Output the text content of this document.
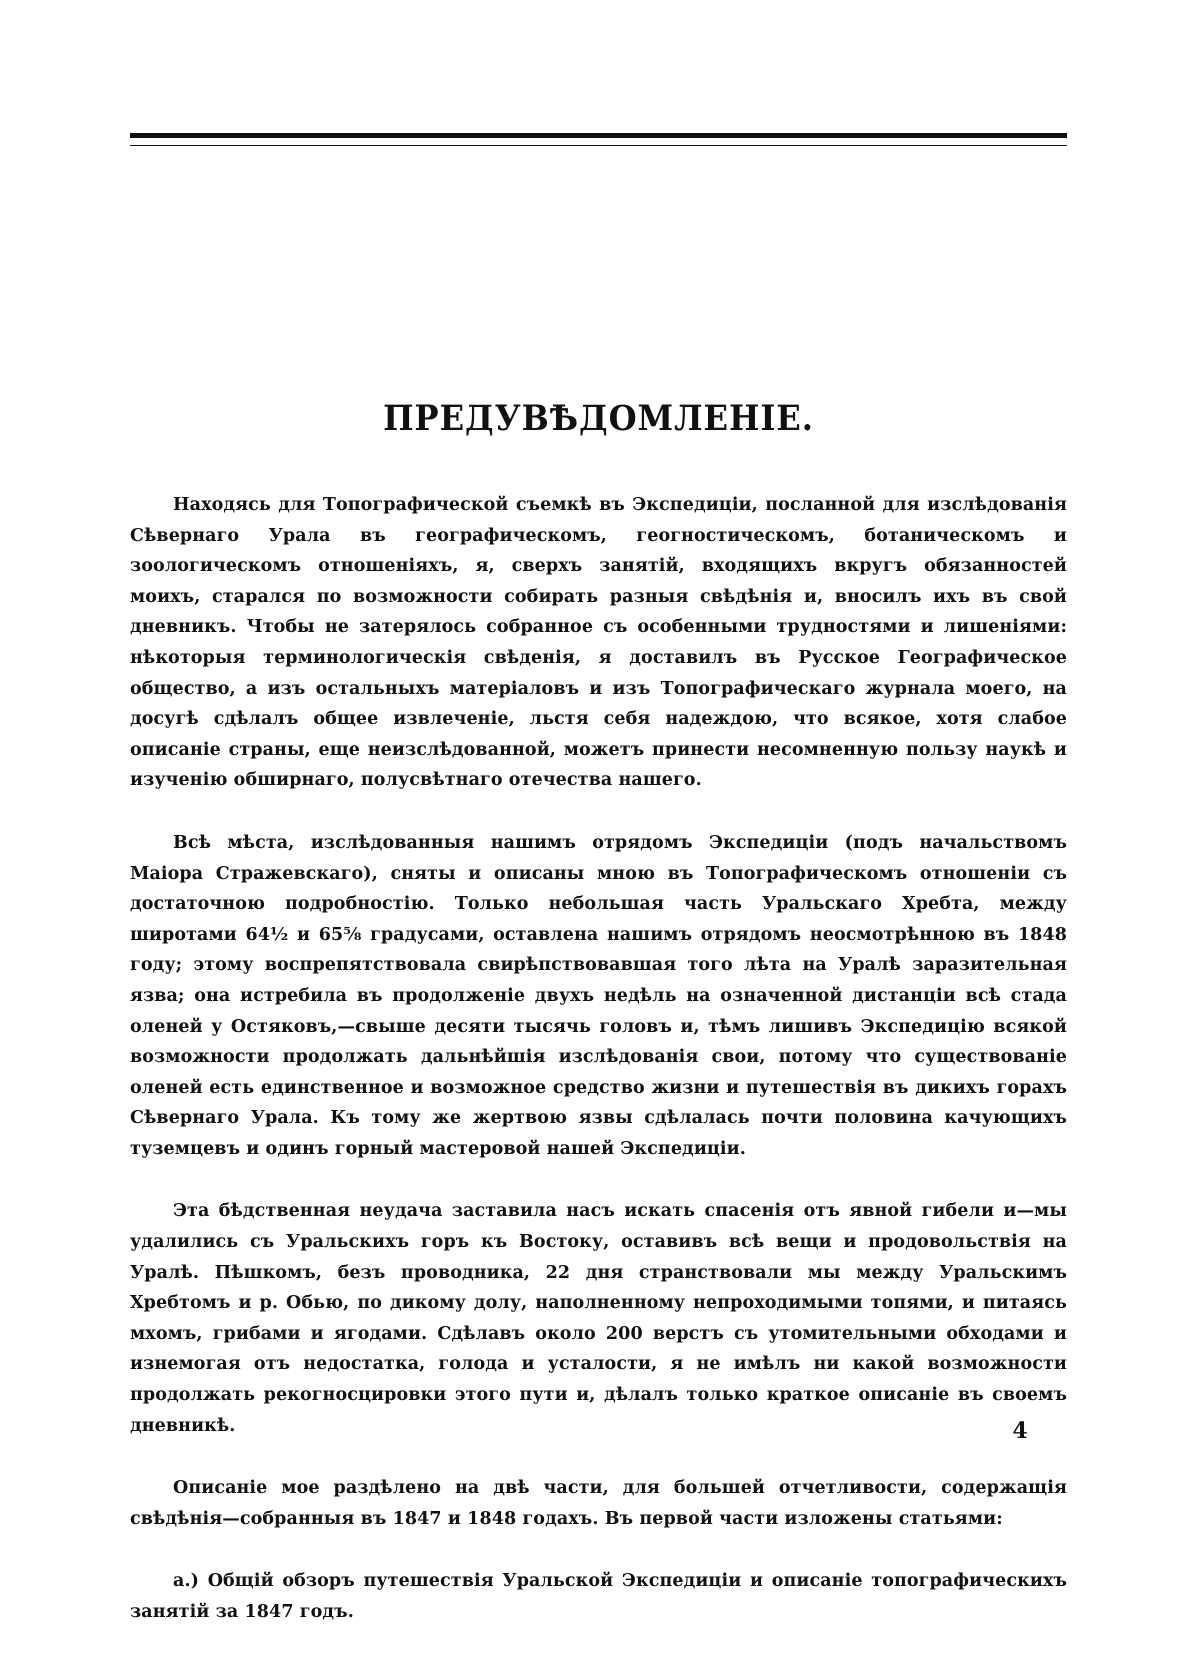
ПРЕДУВѢДОМЛЕНІЕ.

Находясь для Топографической съемкѣ въ Экспедиціи, посланной для изслѣдованія Сѣвернаго Урала въ географическомъ, геогностическомъ, ботаническомъ и зоологическомъ отношеніяхъ, я, сверхъ занятій, входящихъ вкругъ обязанностей моихъ, старался по возможности собирать разныя свѣдѣнія и, вносилъ ихъ въ свой дневникъ. Чтобы не затерялось собранное съ особенными трудностями и лишеніями: нѣкоторыя терминологическія свѣденія, я доставилъ въ Русское Географическое общество, а изъ остальныхъ матеріаловъ и изъ Топографическаго журнала моего, на досугѣ сдѣлалъ общее извлеченіе, льстя себя надеждою, что всякое, хотя слабое описаніе страны, еще неизслѣдованной, можетъ принести несомненную пользу наукѣ и изученію обширнаго, полусвѣтнаго отечества нашего.

Всѣ мѣста, изслѣдованныя нашимъ отрядомъ Экспедиціи (подъ начальствомъ Маіора Стражевскаго), сняты и описаны мною въ Топографическомъ отношеніи съ достаточною подробностію. Только небольшая часть Уральскаго Хребта, между широтами 64½ и 65⅝ градусами, оставлена нашимъ отрядомъ неосмотрѣнною въ 1848 году; этому воспрепятствовала свирѣпствовавшая того лѣта на Уралѣ заразительная язва; она истребила въ продолженіе двухъ недѣль на означенной дистанціи всѣ стада оленей у Остяковъ,—свыше десяти тысячь головъ и, тѣмъ лишивъ Экспедицію всякой возможности продолжать дальнѣйшія изслѣдованія свои, потому что существованіе оленей есть единственное и возможное средство жизни и путешествія въ дикихъ горахъ Сѣвернаго Урала. Къ тому же жертвою язвы сдѣлалась почти половина качующихъ туземцевъ и одинъ горный мастеровой нашей Экспедиціи.

Эта бѣдственная неудача заставила насъ искать спасенія отъ явной гибели и—мы удалились съ Уральскихъ горъ къ Востоку, оставивъ всѣ вещи и продовольствія на Уралѣ. Пѣшкомъ, безъ проводника, 22 дня странствовали мы между Уральскимъ Хребтомъ и р. Обью, по дикому долу, наполненному непроходимыми топями, и питаясь мхомъ, грибами и ягодами. Сдѣлавъ около 200 верстъ съ утомительными обходами и изнемогая отъ недостатка, голода и усталости, я не имѣлъ ни какой возможности продолжать рекогносцировки этого пути и, дѣлалъ только краткое описаніе въ своемъ дневникѣ.

Описаніе мое раздѣлено на двѣ части, для большей отчетливости, содержащія свѣдѣнія—собранныя въ 1847 и 1848 годахъ. Въ первой части изложены статьями:

а.) Общій обзоръ путешествія Уральской Экспедиціи и описаніе топографическихъ занятій за 1847 годъ.

4
